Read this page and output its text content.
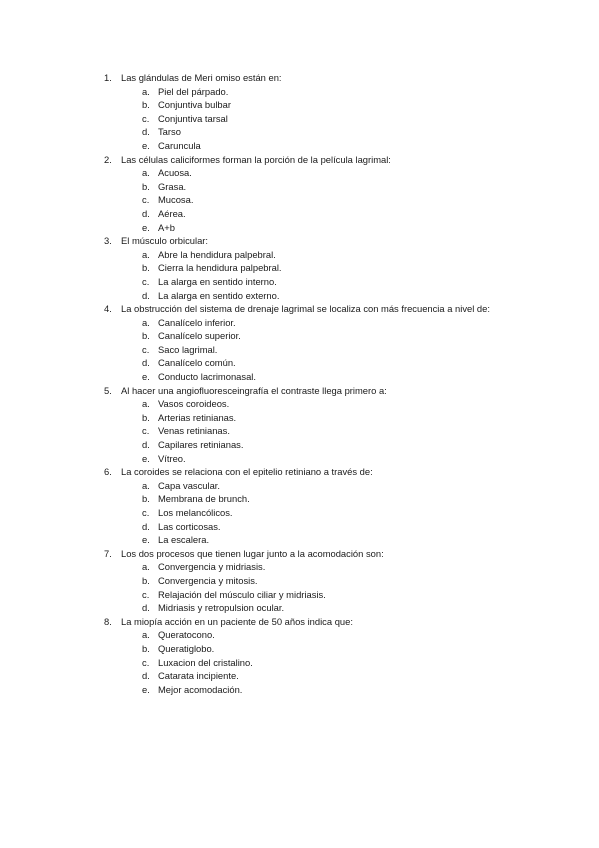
1. Las glándulas de Meri omiso están en:
a. Piel del párpado.
b. Conjuntiva bulbar
c. Conjuntiva tarsal
d. Tarso
e. Caruncula
2. Las células caliciformes forman la porción de la película lagrimal:
a. Acuosa.
b. Grasa.
c. Mucosa.
d. Aérea.
e. A+b
3. El músculo orbicular:
a. Abre la hendidura palpebral.
b. Cierra la hendidura palpebral.
c. La alarga en sentido interno.
d. La alarga en sentido externo.
4. La obstrucción del sistema de drenaje lagrimal se localiza con más frecuencia a nivel de:
a. Canalícelo inferior.
b. Canalícelo superior.
c. Saco lagrimal.
d. Canalícelo común.
e. Conducto lacrimonasal.
5. Al hacer una angiofluoresceingrafía el contraste llega primero a:
a. Vasos coroideos.
b. Arterias retinianas.
c. Venas retinianas.
d. Capilares retinianas.
e. Vítreo.
6. La coroides se relaciona con el epitelio retiniano a través de:
a. Capa vascular.
b. Membrana de brunch.
c. Los melancólicos.
d. Las corticosas.
e. La escalera.
7. Los dos procesos que tienen lugar junto a la acomodación son:
a. Convergencia y midriasis.
b. Convergencia y mitosis.
c. Relajación del músculo ciliar y midriasis.
d. Midriasis y retropulsion ocular.
8. La miopía acción en un paciente de 50 años indica que:
a. Queratocono.
b. Queratiglobo.
c. Luxacion del cristalino.
d. Catarata incipiente.
e. Mejor acomodación.
